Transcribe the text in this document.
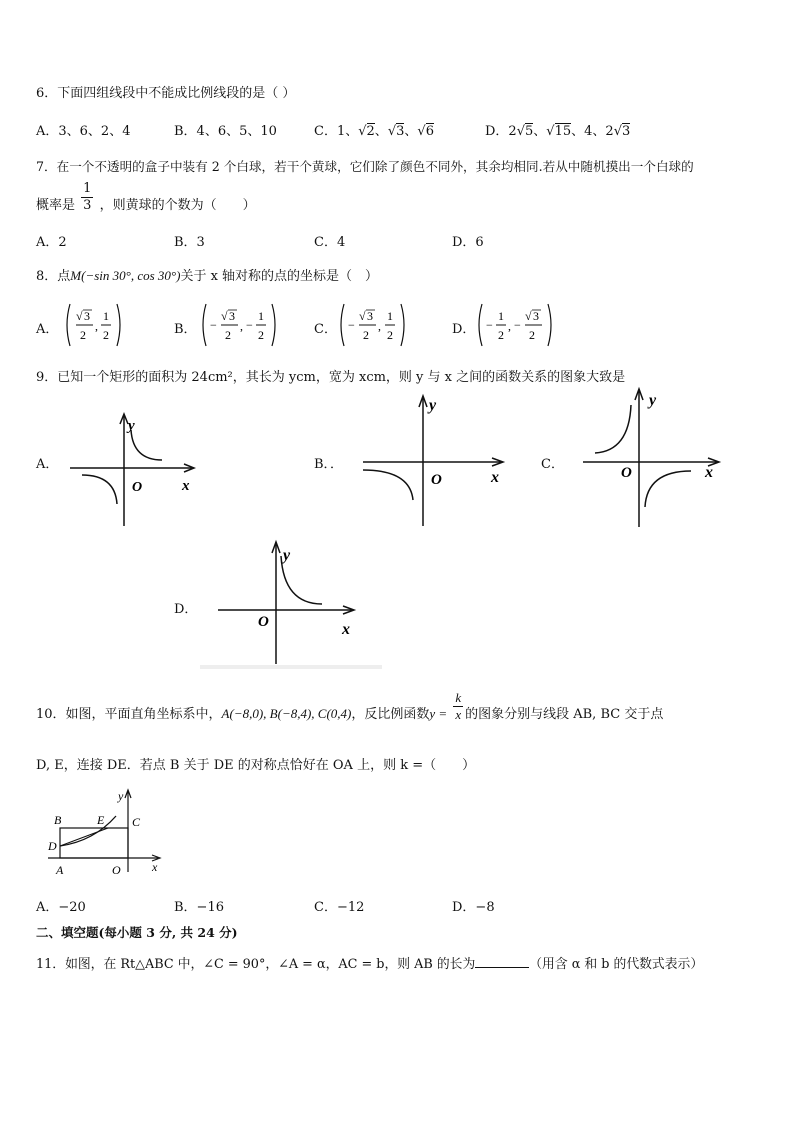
6．下面四组线段中不能成比例线段的是（ ）
A．3、6、2、4	B．4、6、5、10	C．1、√2、√3、√6	D．2√5、√15、4、2√3
7．在一个不透明的盒子中装有 2 个白球，若干个黄球，它们除了颜色不同外，其余均相同.若从中随机摸出一个白球的
概率是 $\frac{1}{3}$ ，则黄球的个数为（　　）
A．2	B．3	C．4	D．6
8．点M(−sin 30°, cos 30°)关于 x 轴对称的点的坐标是（　）
A．
√ 3
2
,
1
2	B． −
√ 3
2
, −
1
2	C． −
√ 3
2
,
1
2	D． −
1
2
, −
√ 3
2
9．已知一个矩形的面积为 24cm²，其长为 ycm，宽为 xcm，则 y 与 x 之间的函数关系的图象大致是
A．
y
x
O
B．．
y
x
O
C．
y
x
O
D．
y
x
O
10．如图，平面直角坐标系中，A(−8,0), B(−8,4), C(0,4)，反比例函数$y = \frac{k}{x}$ 的图象分别与线段 AB, BC 交于点
D, E，连接 DE．若点 B 关于 DE 的对称点恰好在 OA 上，则 k =（　　）
B	E C
D
A	O	x
y
A．−20	B．−16	C．−12	D．−8
二、填空题(每小题 3 分, 共 24 分)
11．如图，在 Rt△ABC 中，∠C = 90°，∠A = α，AC = b，则 AB 的长为	（用含 α 和 b 的代数式表示）
